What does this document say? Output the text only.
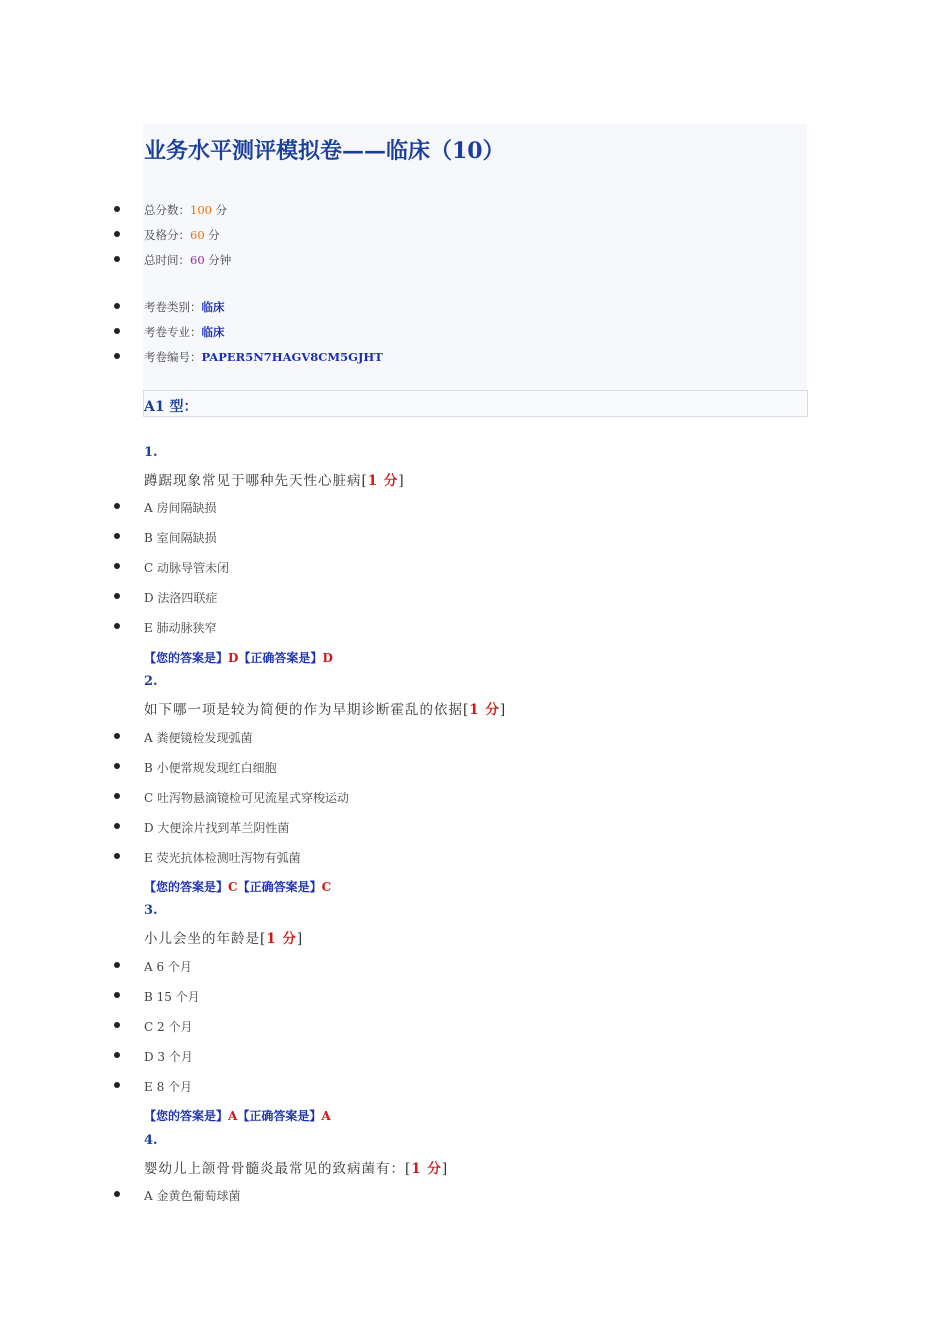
业务水平测评模拟卷——临床（10）
总分数：100 分
及格分：60 分
总时间：60 分钟
考卷类别：临床
考卷专业：临床
考卷编号：PAPER5N7HAGV8CM5GJHT
A1 型：
1.
蹲踞现象常见于哪种先天性心脏病[1 分]
A 房间隔缺损
B 室间隔缺损
C 动脉导管未闭
D 法洛四联症
E 肺动脉狭窄
【您的答案是】D【正确答案是】D
2.
如下哪一项是较为简便的作为早期诊断霍乱的依据[1 分]
A 粪便镜检发现弧菌
B 小便常规发现红白细胞
C 吐泻物悬滴镜检可见流星式穿梭运动
D 大便涂片找到革兰阴性菌
E 荧光抗体检测吐泻物有弧菌
【您的答案是】C【正确答案是】C
3.
小儿会坐的年龄是[1 分]
A 6 个月
B 15 个月
C 2 个月
D 3 个月
E 8 个月
【您的答案是】A【正确答案是】A
4.
婴幼儿上颌骨骨髓炎最常见的致病菌有：[1 分]
A 金黄色葡萄球菌
